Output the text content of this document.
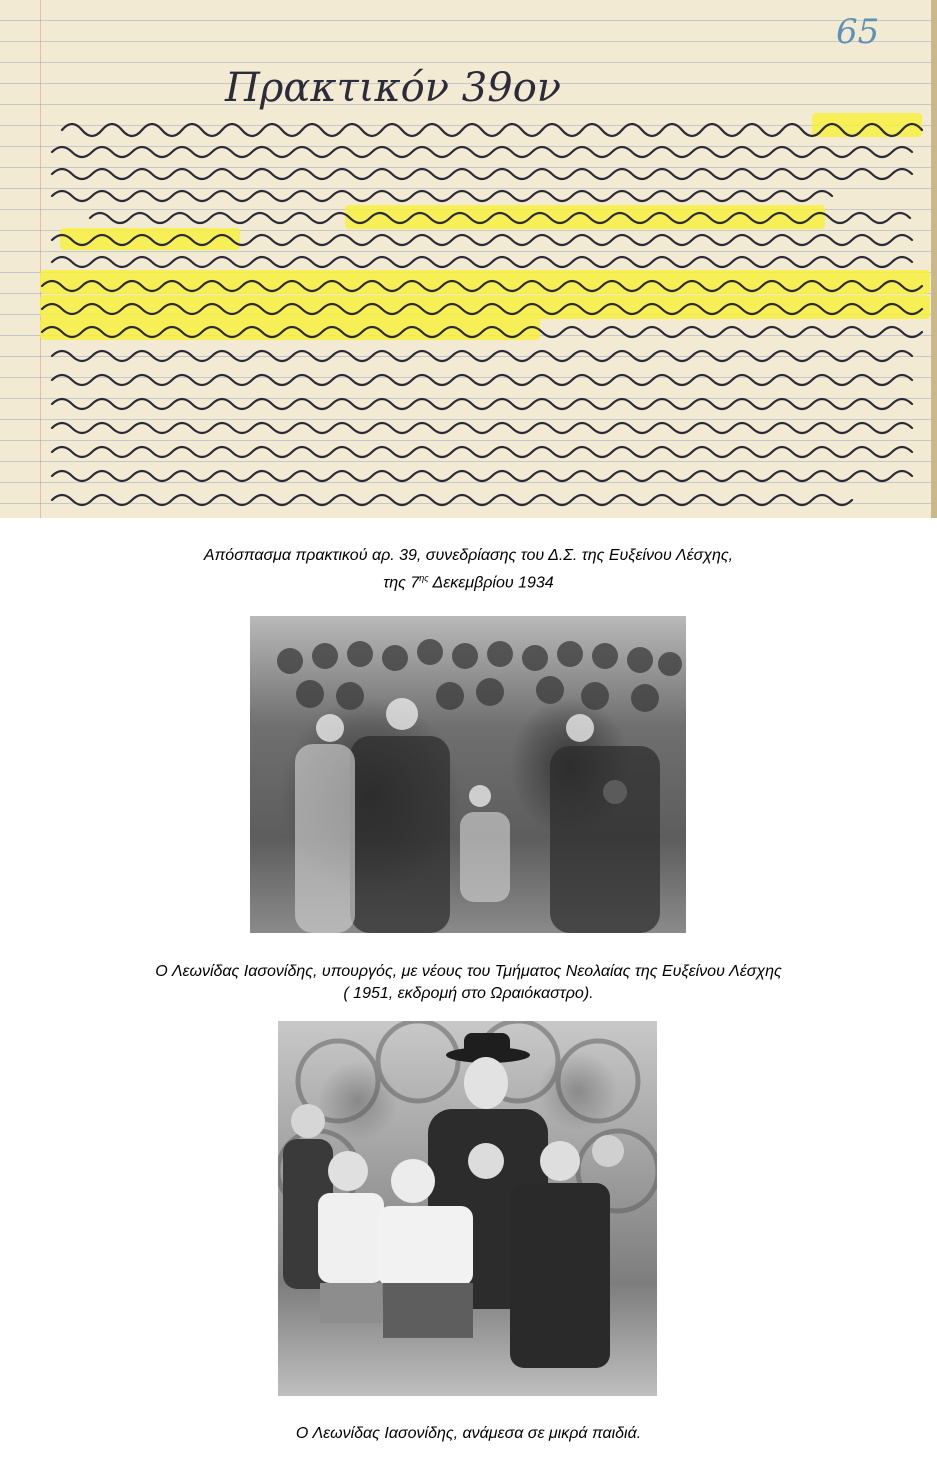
65
Πρακτικόν 39ον
Απόσπασμα πρακτικού αρ. 39, συνεδρίασης του Δ.Σ. της Ευξείνου Λέσχης,
της $7^{\eta\varsigma}$ Δεκεμβρίου 1934
Ο Λεωνίδας Ιασονίδης, υπουργός, με νέους του Τμήματος Νεολαίας της Ευξείνου Λέσχης
( 1951, εκδρομή στο Ωραιόκαστρο).
Ο Λεωνίδας Ιασονίδης, ανάμεσα σε μικρά παιδιά.
